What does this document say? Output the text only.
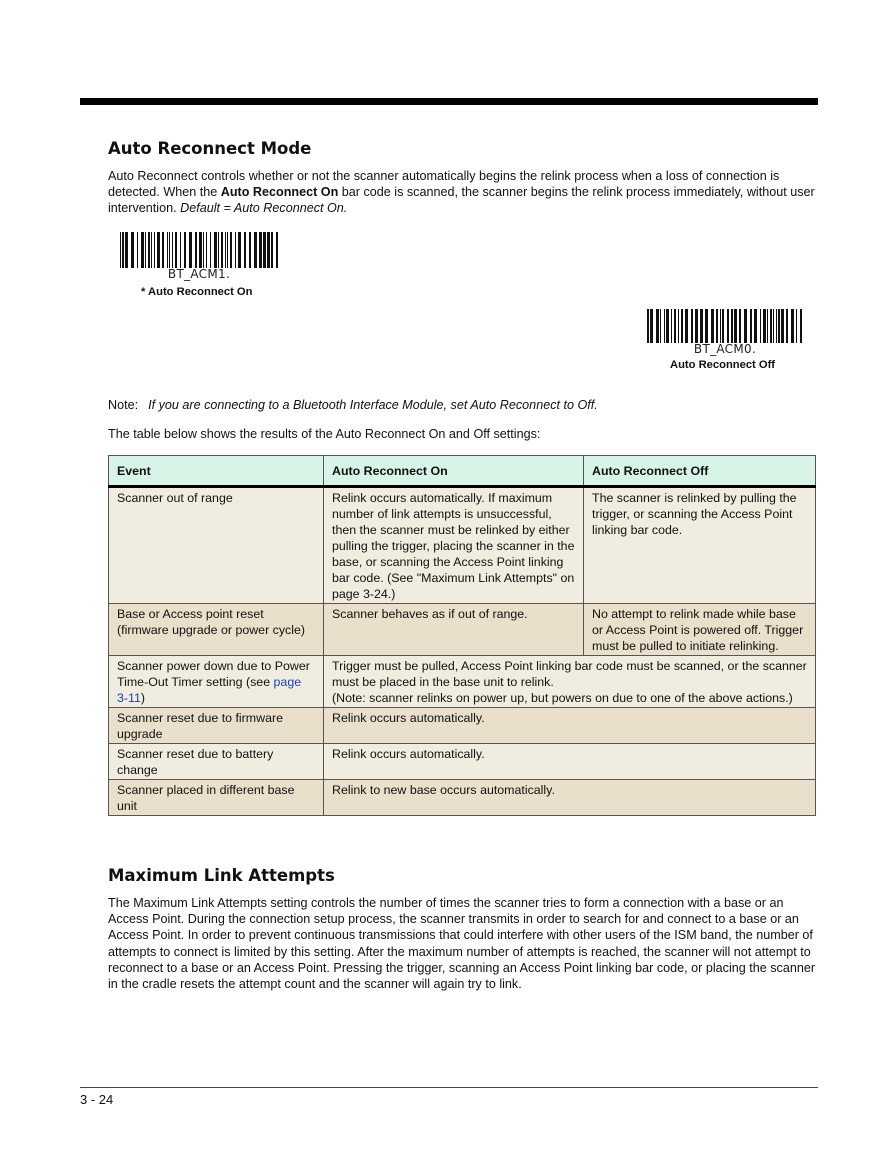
Auto Reconnect Mode

Auto Reconnect controls whether or not the scanner automatically begins the relink process when a loss of connection is detected. When the Auto Reconnect On bar code is scanned, the scanner begins the relink process immediately, without user intervention. Default = Auto Reconnect On.

BT_ACM1.
* Auto Reconnect On
BT_ACM0.
Auto Reconnect Off
Note: If you are connecting to a Bluetooth Interface Module, set Auto Reconnect to Off.

The table below shows the results of the Auto Reconnect On and Off settings:

Event	Auto Reconnect On	Auto Reconnect Off
Scanner out of range	Relink occurs automatically. If maximum number of link attempts is unsuccessful, then the scanner must be relinked by either pulling the trigger, placing the scanner in the base, or scanning the Access Point linking bar code. (See "Maximum Link Attempts" on page 3-24.)	The scanner is relinked by pulling the trigger, or scanning the Access Point linking bar code.
Base or Access point reset (firmware upgrade or power cycle)	Scanner behaves as if out of range.	No attempt to relink made while base or Access Point is powered off. Trigger must be pulled to initiate relinking.
Scanner power down due to Power Time-Out Timer setting (see page 3-11)	Trigger must be pulled, Access Point linking bar code must be scanned, or the scanner must be placed in the base unit to relink.
(Note: scanner relinks on power up, but powers on due to one of the above actions.)	
Scanner reset due to firmware upgrade	Relink occurs automatically.	
Scanner reset due to battery change	Relink occurs automatically.	
Scanner placed in different base unit	Relink to new base occurs automatically.	
Maximum Link Attempts

The Maximum Link Attempts setting controls the number of times the scanner tries to form a connection with a base or an Access Point. During the connection setup process, the scanner transmits in order to search for and connect to a base or an Access Point. In order to prevent continuous transmissions that could interfere with other users of the ISM band, the number of attempts to connect is limited by this setting. After the maximum number of attempts is reached, the scanner will not attempt to reconnect to a base or an Access Point. Pressing the trigger, scanning an Access Point linking bar code, or placing the scanner in the cradle resets the attempt count and the scanner will again try to link.

3 - 24
